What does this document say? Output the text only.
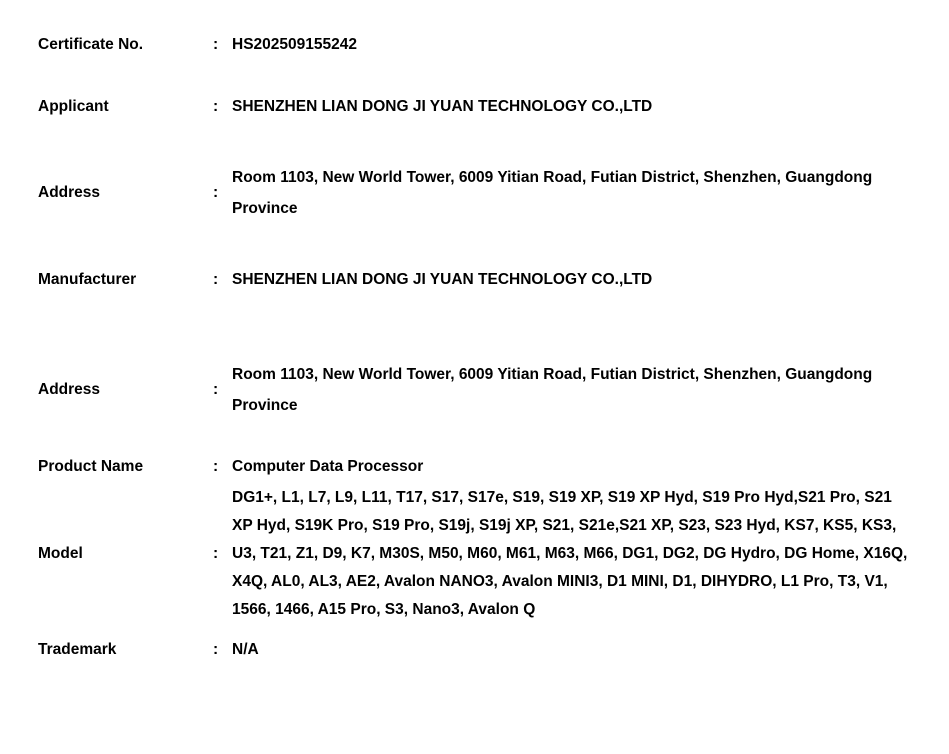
Certificate No.	: HS202509155242
Applicant	: SHENZHEN LIAN DONG JI YUAN TECHNOLOGY CO.,LTD
Address	:
Room 1103, New World Tower, 6009 Yitian Road, Futian District, Shenzhen, Guangdong Province
Manufacturer	: SHENZHEN LIAN DONG JI YUAN TECHNOLOGY CO.,LTD
Address	:
Room 1103, New World Tower, 6009 Yitian Road, Futian District, Shenzhen, Guangdong Province
Product Name	: Computer Data Processor
Model	:
DG1+, L1, L7, L9, L11, T17, S17, S17e, S19, S19 XP, S19 XP Hyd, S19 Pro Hyd,S21 Pro, S21 XP Hyd, S19K Pro, S19 Pro, S19j, S19j XP, S21, S21e,S21 XP, S23, S23 Hyd, KS7, KS5, KS3, U3, T21, Z1, D9, K7, M30S, M50, M60, M61, M63, M66, DG1, DG2, DG Hydro, DG Home, X16Q, X4Q, AL0, AL3, AE2, Avalon NANO3, Avalon MINI3, D1 MINI, D1, DIHYDRO, L1 Pro, T3, V1, 1566, 1466, A15 Pro, S3, Nano3, Avalon Q
Trademark	: N/A
